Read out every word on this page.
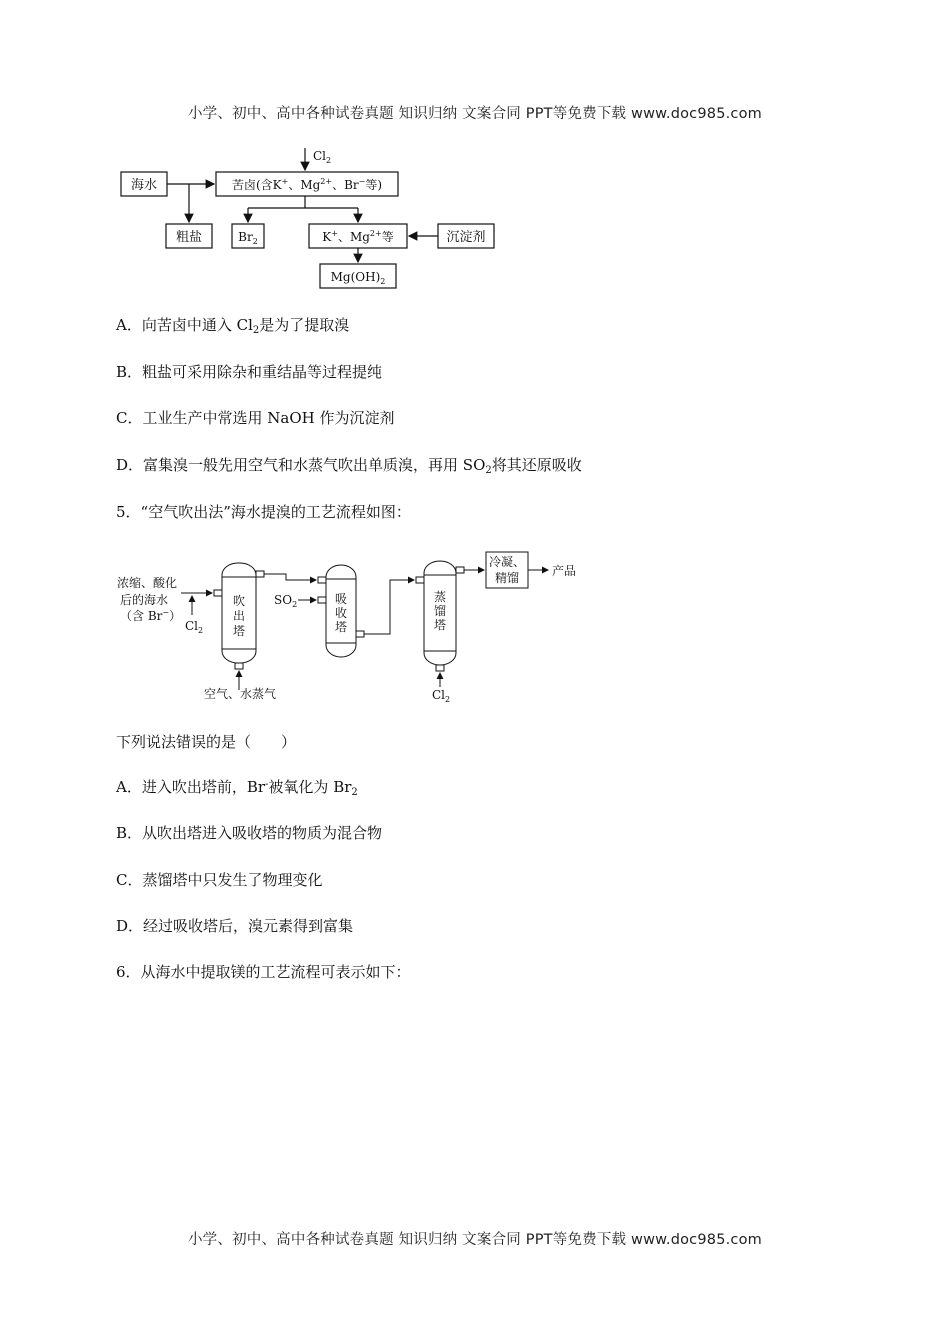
小学、初中、高中各种试卷真题 知识归纳 文案合同 PPT等免费下载 www.doc985.com
$Cl_2$
海水	苦卤(含K+、$Mg^{2+}$、Br−等)
粗盐	$Br_2$	K+、$Mg^{2+}$等	沉淀剂
$Mg(OH)_2$
A．向苦卤中通入 $Cl_2$是为了提取溴
B．粗盐可采用除杂和重结晶等过程提纯
C．工业生产中常选用 NaOH 作为沉淀剂
D．富集溴一般先用空气和水蒸气吹出单质溴，再用 $SO_2$将其还原吸收
5．“空气吹出法”海水提溴的工艺流程如图：
浓缩、酸化
后的海水
（含 Br−）
$Cl_2$
吹
出
塔
空气、水蒸气
$SO_2$	吸
收
塔
蒸
馏
塔
$Cl_2$
冷凝、
精馏	产品
下列说法错误的是（　　）
A．进入吹出塔前，Br-被氧化为 $Br_2$
B．从吹出塔进入吸收塔的物质为混合物
C．蒸馏塔中只发生了物理变化
D．经过吸收塔后，溴元素得到富集
6．从海水中提取镁的工艺流程可表示如下：
小学、初中、高中各种试卷真题 知识归纳 文案合同 PPT等免费下载 www.doc985.com
